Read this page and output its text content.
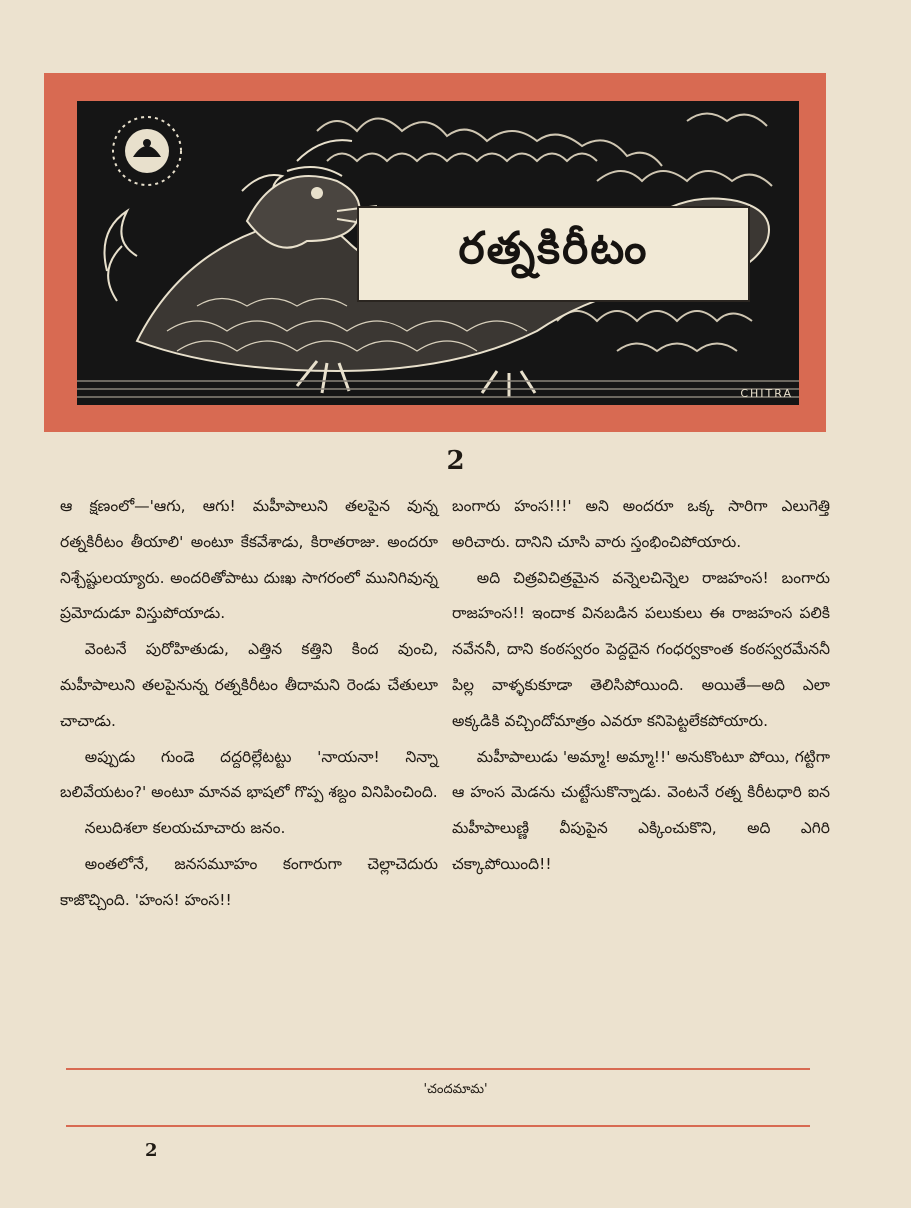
రత్నకిరీటం
CHITRA
2

ఆ క్షణంలో—'ఆగు, ఆగు! మహీపాలుని తలపైన వున్న రత్నకిరీటం తీయాలి' అంటూ కేకవేశాడు, కిరాతరాజు. అందరూ నిశ్చేష్టులయ్యారు. అందరితోపాటు దుఃఖ సాగరంలో మునిగివున్న ప్రమోదుడూ విస్తుపోయాడు.

వెంటనే పురోహితుడు, ఎత్తిన కత్తిని కింద వుంచి, మహీపాలుని తలపైనున్న రత్నకిరీటం తీదామని రెండు చేతులూ చాచాడు.

అప్పుడు గుండె దద్దరిల్లేటట్టు 'నాయనా! నిన్నా బలివేయటం?' అంటూ మానవ భాషలో గొప్ప శబ్దం వినిపించింది.

నలుదిశలా కలయచూచారు జనం.

అంతలోనే, జనసమూహం కంగారుగా చెల్లాచెదురు కాజొచ్చింది. 'హంస! హంస!!

బంగారు హంస!!!' అని అందరూ ఒక్క సారిగా ఎలుగెత్తి అరిచారు. దానిని చూసి వారు స్తంభించిపోయారు.

అది చిత్రవిచిత్రమైన వన్నెలచిన్నెల రాజహంస! బంగారు రాజహంస!! ఇందాక వినబడిన పలుకులు ఈ రాజహంస పలికి నవేననీ, దాని కంఠస్వరం పెద్దదైన గంధర్వకాంత కంఠస్వరమేననీ పిల్ల వాళ్ళకుకూడా తెలిసిపోయింది. అయితే—అది ఎలా అక్కడికి వచ్చిందోమాత్రం ఎవరూ కనిపెట్టలేకపోయారు.

మహీపాలుడు 'అమ్మా! అమ్మా!!' అనుకొంటూ పోయి, గట్టిగా ఆ హంస మెడను చుట్టేసుకొన్నాడు. వెంటనే రత్న కిరీటధారి ఐన మహీపాలుణ్ణి వీపుపైన ఎక్కించుకొని, అది ఎగిరి చక్కాపోయింది!!

'చందమామ'
2
